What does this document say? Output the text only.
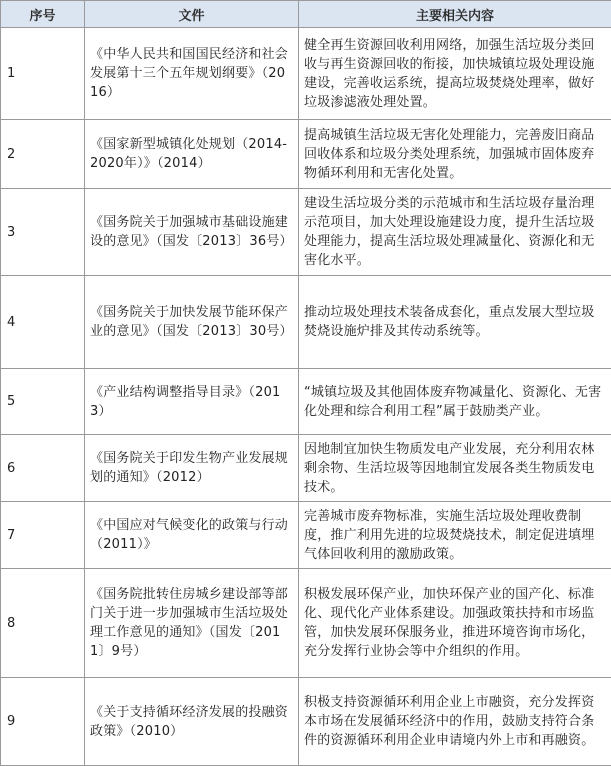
序号	文件	主要相关内容
1	《中华人民共和国国民经济和社会发展第十三个五年规划纲要》（2016）	健全再生资源回收利用网络，加强生活垃圾分类回收与再生资源回收的衔接，加快城镇垃圾处理设施建设，完善收运系统，提高垃圾焚烧处理率，做好垃圾渗滤液处理处置。
2	《国家新型城镇化处规划（2014-2020年）》（2014）	提高城镇生活垃圾无害化处理能力，完善废旧商品回收体系和垃圾分类处理系统，加强城市固体废弃物循环利用和无害化处置。
3	《国务院关于加强城市基础设施建设的意见》（国发〔2013〕36号）	建设生活垃圾分类的示范城市和生活垃圾存量治理示范项目，加大处理设施建设力度，提升生活垃圾处理能力，提高生活垃圾处理减量化、资源化和无害化水平。
4	《国务院关于加快发展节能环保产业的意见》（国发〔2013〕30号）	推动垃圾处理技术装备成套化，重点发展大型垃圾焚烧设施炉排及其传动系统等。
5	《产业结构调整指导目录》（2013）	“城镇垃圾及其他固体废弃物减量化、资源化、无害化处理和综合利用工程”属于鼓励类产业。
6	《国务院关于印发生物产业发展规划的通知》（2012）	因地制宜加快生物质发电产业发展，充分利用农林剩余物、生活垃圾等因地制宜发展各类生物质发电技术。
7	《中国应对气候变化的政策与行动（2011）》	完善城市废弃物标准，实施生活垃圾处理收费制度，推广利用先进的垃圾焚烧技术，制定促进填埋气体回收利用的激励政策。
8	《国务院批转住房城乡建设部等部门关于进一步加强城市生活垃圾处理工作意见的通知》（国发〔2011〕9号）	积极发展环保产业，加快环保产业的国产化、标准化、现代化产业体系建设。加强政策扶持和市场监管，加快发展环保服务业，推进环境咨询市场化，充分发挥行业协会等中介组织的作用。
9	《关于支持循环经济发展的投融资政策》（2010）	积极支持资源循环利用企业上市融资，充分发挥资本市场在发展循环经济中的作用，鼓励支持符合条件的资源循环利用企业申请境内外上市和再融资。
